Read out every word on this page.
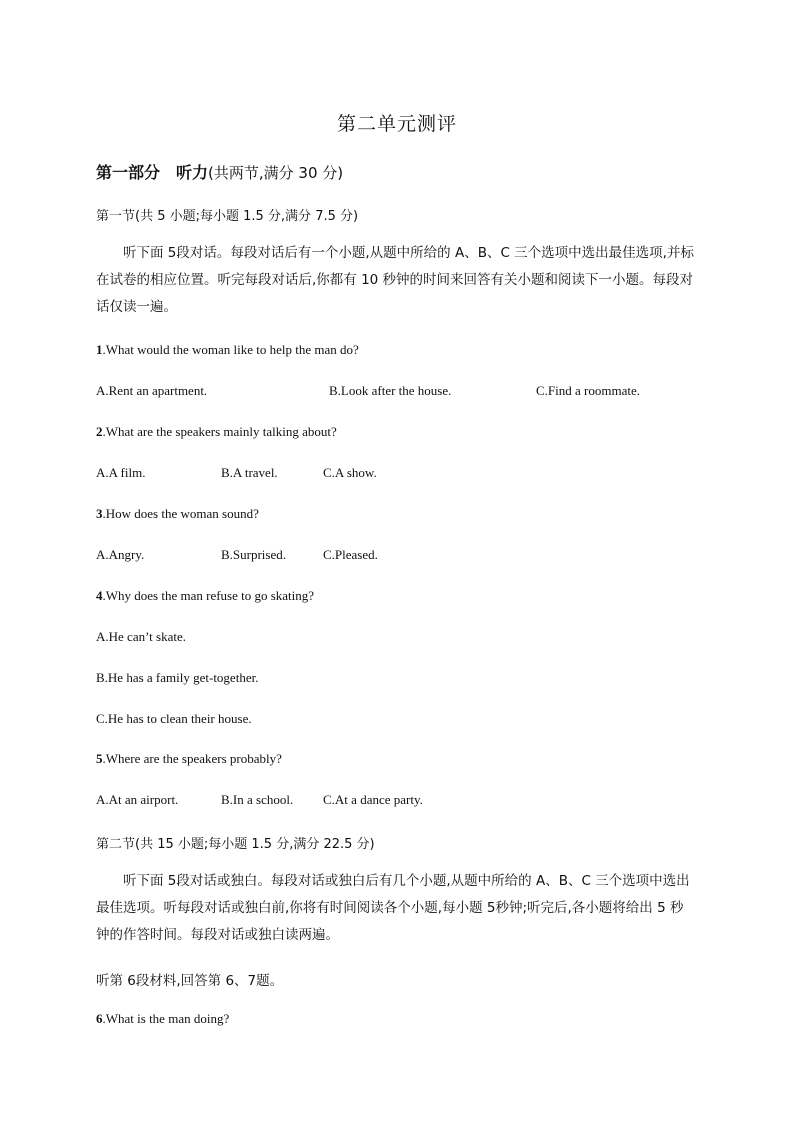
第二单元测评
第一部分　听力(共两节,满分 30 分)
第一节(共 5 小题;每小题 1.5 分,满分 7.5 分)
听下面 5段对话。每段对话后有一个小题,从题中所给的 A、B、C 三个选项中选出最佳选项,并标在试卷的相应位置。听完每段对话后,你都有 10 秒钟的时间来回答有关小题和阅读下一小题。每段对话仅读一遍。
1.What would the woman like to help the man do?
A.Rent an apartment.	B.Look after the house.	C.Find a roommate.
2.What are the speakers mainly talking about?
A.A film.	B.A travel.	C.A show.
3.How does the woman sound?
A.Angry.	B.Surprised.	C.Pleased.
4.Why does the man refuse to go skating?
A.He can’t skate.
B.He has a family get-together.
C.He has to clean their house.
5.Where are the speakers probably?
A.At an airport.	B.In a school. C.At a dance party.
第二节(共 15 小题;每小题 1.5 分,满分 22.5 分)
听下面 5段对话或独白。每段对话或独白后有几个小题,从题中所给的 A、B、C 三个选项中选出最佳选项。听每段对话或独白前,你将有时间阅读各个小题,每小题 5秒钟;听完后,各小题将给出 5 秒钟的作答时间。每段对话或独白读两遍。
听第 6段材料,回答第 6、7题。
6.What is the man doing?
